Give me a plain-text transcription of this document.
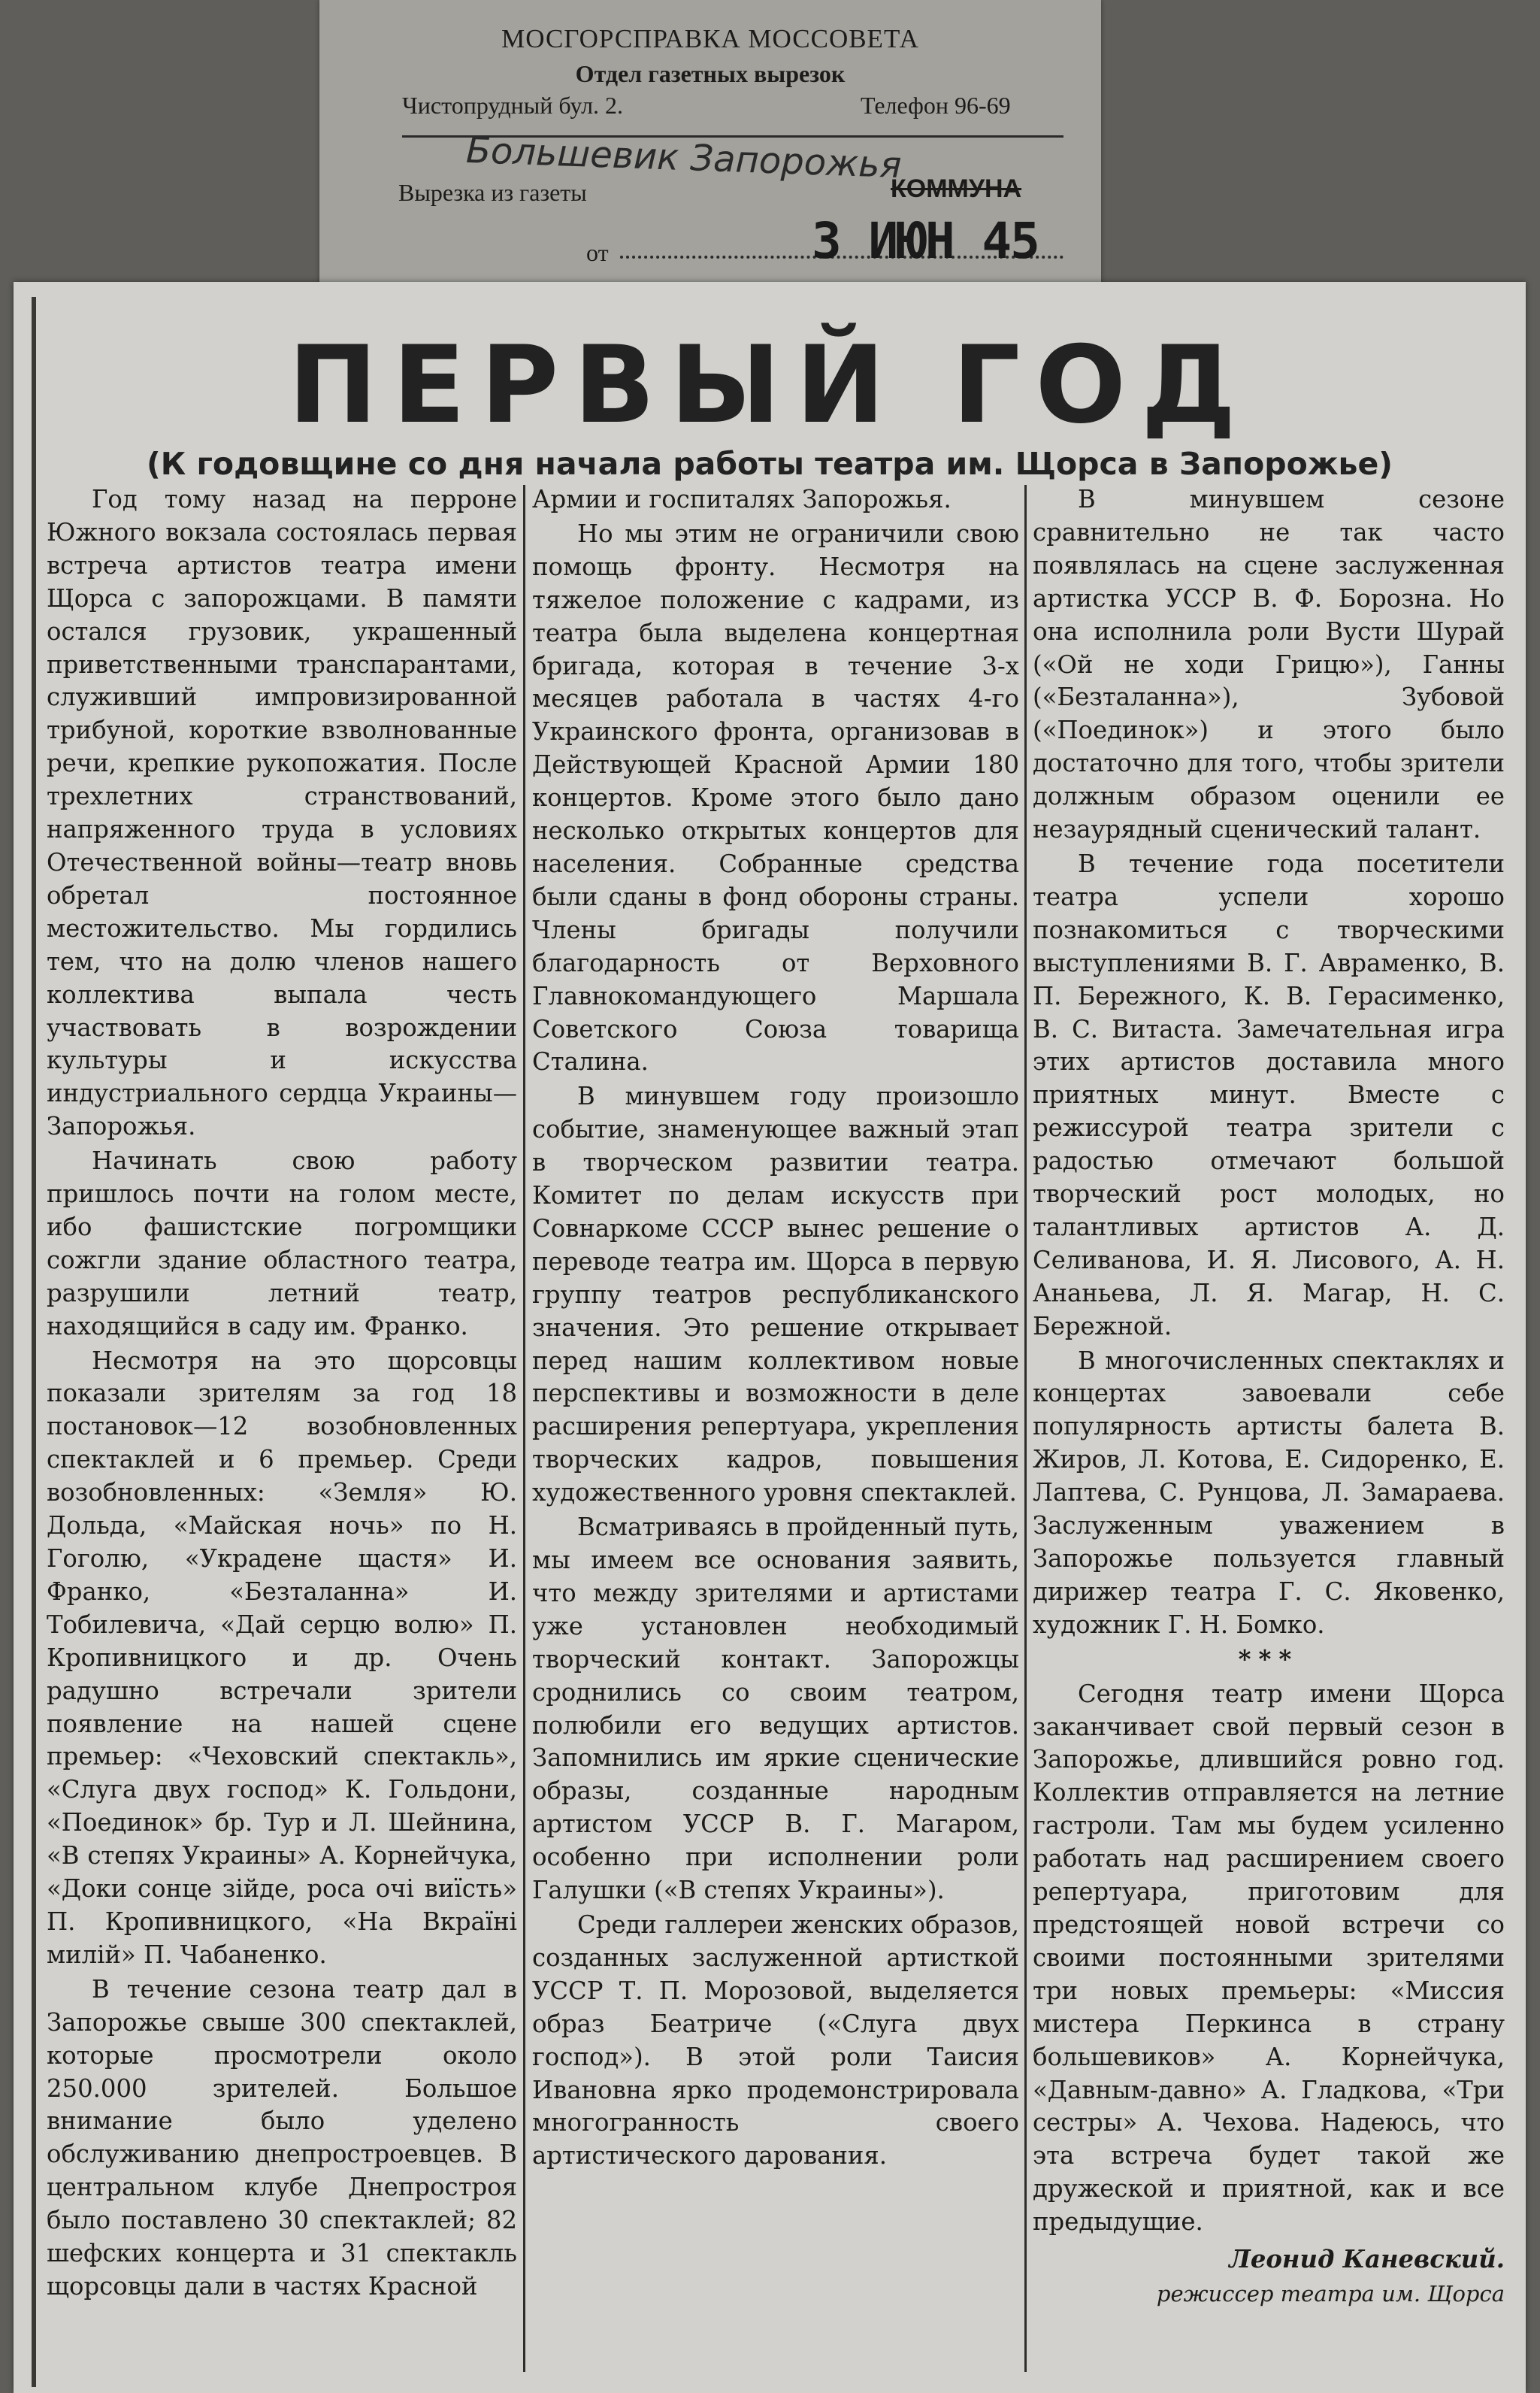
МОСГОРСПРАВКА МОССОВЕТА
Отдел газетных вырезок
Чистопрудный бул. 2.	Телефон 96-69
Большевик Запорожья
Вырезка из газеты	КОММУНА
от	3 ИЮН 45
ПЕРВЫЙ ГОД
(К годовщине со дня начала работы театра им. Щорса в Запорожье)

Год тому назад на перроне Южного вокзала состоялась первая встреча артистов театра имени Щорса с запорожцами. В памяти остался грузовик, украшенный приветственными транспарантами, служивший импровизированной трибуной, короткие взволнованные речи, крепкие рукопожатия. После трехлетних странствований, напряженного труда в условиях Отечественной войны—театр вновь обретал постоянное местожительство. Мы гордились тем, что на долю членов нашего коллектива выпала честь участвовать в возрождении культуры и искусства индустриального сердца Украины—Запорожья.

Начинать свою работу пришлось почти на голом месте, ибо фашистские погромщики сожгли здание областного театра, разрушили летний театр, находящийся в саду им. Франко.

Несмотря на это щорсовцы показали зрителям за год 18 постановок—12 возобновленных спектаклей и 6 премьер. Среди возобновленных: «Земля» Ю. Дольда, «Майская ночь» по Н. Гоголю, «Украдене щастя» И. Франко, «Безталанна» И. Тобилевича, «Дай серцю волю» П. Кропивницкого и др. Очень радушно встречали зрители появление на нашей сцене премьер: «Чеховский спектакль», «Слуга двух господ» К. Гольдони, «Поединок» бр. Тур и Л. Шейнина, «В степях Украины» А. Корнейчука, «Доки сонце зiйде, роса очi виїсть» П. Кропивницкого, «На Вкраїнi милiй» П. Чабаненко.

В течение сезона театр дал в Запорожье свыше 300 спектаклей, которые просмотрели около 250.000 зрителей. Большое внимание было уделено обслуживанию днепростроевцев. В центральном клубе Днепростроя было поставлено 30 спектаклей; 82 шефских концерта и 31 спектакль щорсовцы дали в частях Красной

Армии и госпиталях Запорожья.

Но мы этим не ограничили свою помощь фронту. Несмотря на тяжелое положение с кадрами, из театра была выделена концертная бригада, которая в течение 3-х месяцев работала в частях 4-го Украинского фронта, организовав в Действующей Красной Армии 180 концертов. Кроме этого было дано несколько открытых концертов для населения. Собранные средства были сданы в фонд обороны страны. Члены бригады получили благодарность от Верховного Главнокомандующего Маршала Советского Союза товарища Сталина.

В минувшем году произошло событие, знаменующее важный этап в творческом развитии театра. Комитет по делам искусств при Совнаркоме СССР вынес решение о переводе театра им. Щорса в первую группу театров республиканского значения. Это решение открывает перед нашим коллективом новые перспективы и возможности в деле расширения репертуара, укрепления творческих кадров, повышения художественного уровня спектаклей.

Всматриваясь в пройденный путь, мы имеем все основания заявить, что между зрителями и артистами уже установлен необходимый творческий контакт. Запорожцы сроднились со своим театром, полюбили его ведущих артистов. Запомнились им яркие сценические образы, созданные народным артистом УССР В. Г. Магаром, особенно при исполнении роли Галушки («В степях Украины»).

Среди галлереи женских образов, созданных заслуженной артисткой УССР Т. П. Морозовой, выделяется образ Беатриче («Слуга двух господ»). В этой роли Таисия Ивановна ярко продемонстрировала многогранность своего артистического дарования.

В минувшем сезоне сравнительно не так часто появлялась на сцене заслуженная артистка УССР В. Ф. Борозна. Но она исполнила роли Вусти Шурай («Ой не ходи Грицю»), Ганны («Безталанна»), Зубовой («Поединок») и этого было достаточно для того, чтобы зрители должным образом оценили ее незаурядный сценический талант.

В течение года посетители театра успели хорошо познакомиться с творческими выступлениями В. Г. Авраменко, В. П. Бережного, К. В. Герасименко, В. С. Витаста. Замечательная игра этих артистов доставила много приятных минут. Вместе с режиссурой театра зрители с радостью отмечают большой творческий рост молодых, но талантливых артистов А. Д. Селиванова, И. Я. Лисового, А. Н. Ананьева, Л. Я. Магар, Н. С. Бережной.

В многочисленных спектаклях и концертах завоевали себе популярность артисты балета В. Жиров, Л. Котова, Е. Сидоренко, Е. Лаптева, С. Рунцова, Л. Замараева. Заслуженным уважением в Запорожье пользуется главный дирижер театра Г. С. Яковенко, художник Г. Н. Бомко.

***

Сегодня театр имени Щорса заканчивает свой первый сезон в Запорожье, длившийся ровно год. Коллектив отправляется на летние гастроли. Там мы будем усиленно работать над расширением своего репертуара, приготовим для предстоящей новой встречи со своими постоянными зрителями три новых премьеры: «Миссия мистера Перкинса в страну большевиков» А. Корнейчука, «Давным-давно» А. Гладкова, «Три сестры» А. Чехова. Надеюсь, что эта встреча будет такой же дружеской и приятной, как и все предыдущие.

Леонид Каневский.

режиссер театра им. Щорса
